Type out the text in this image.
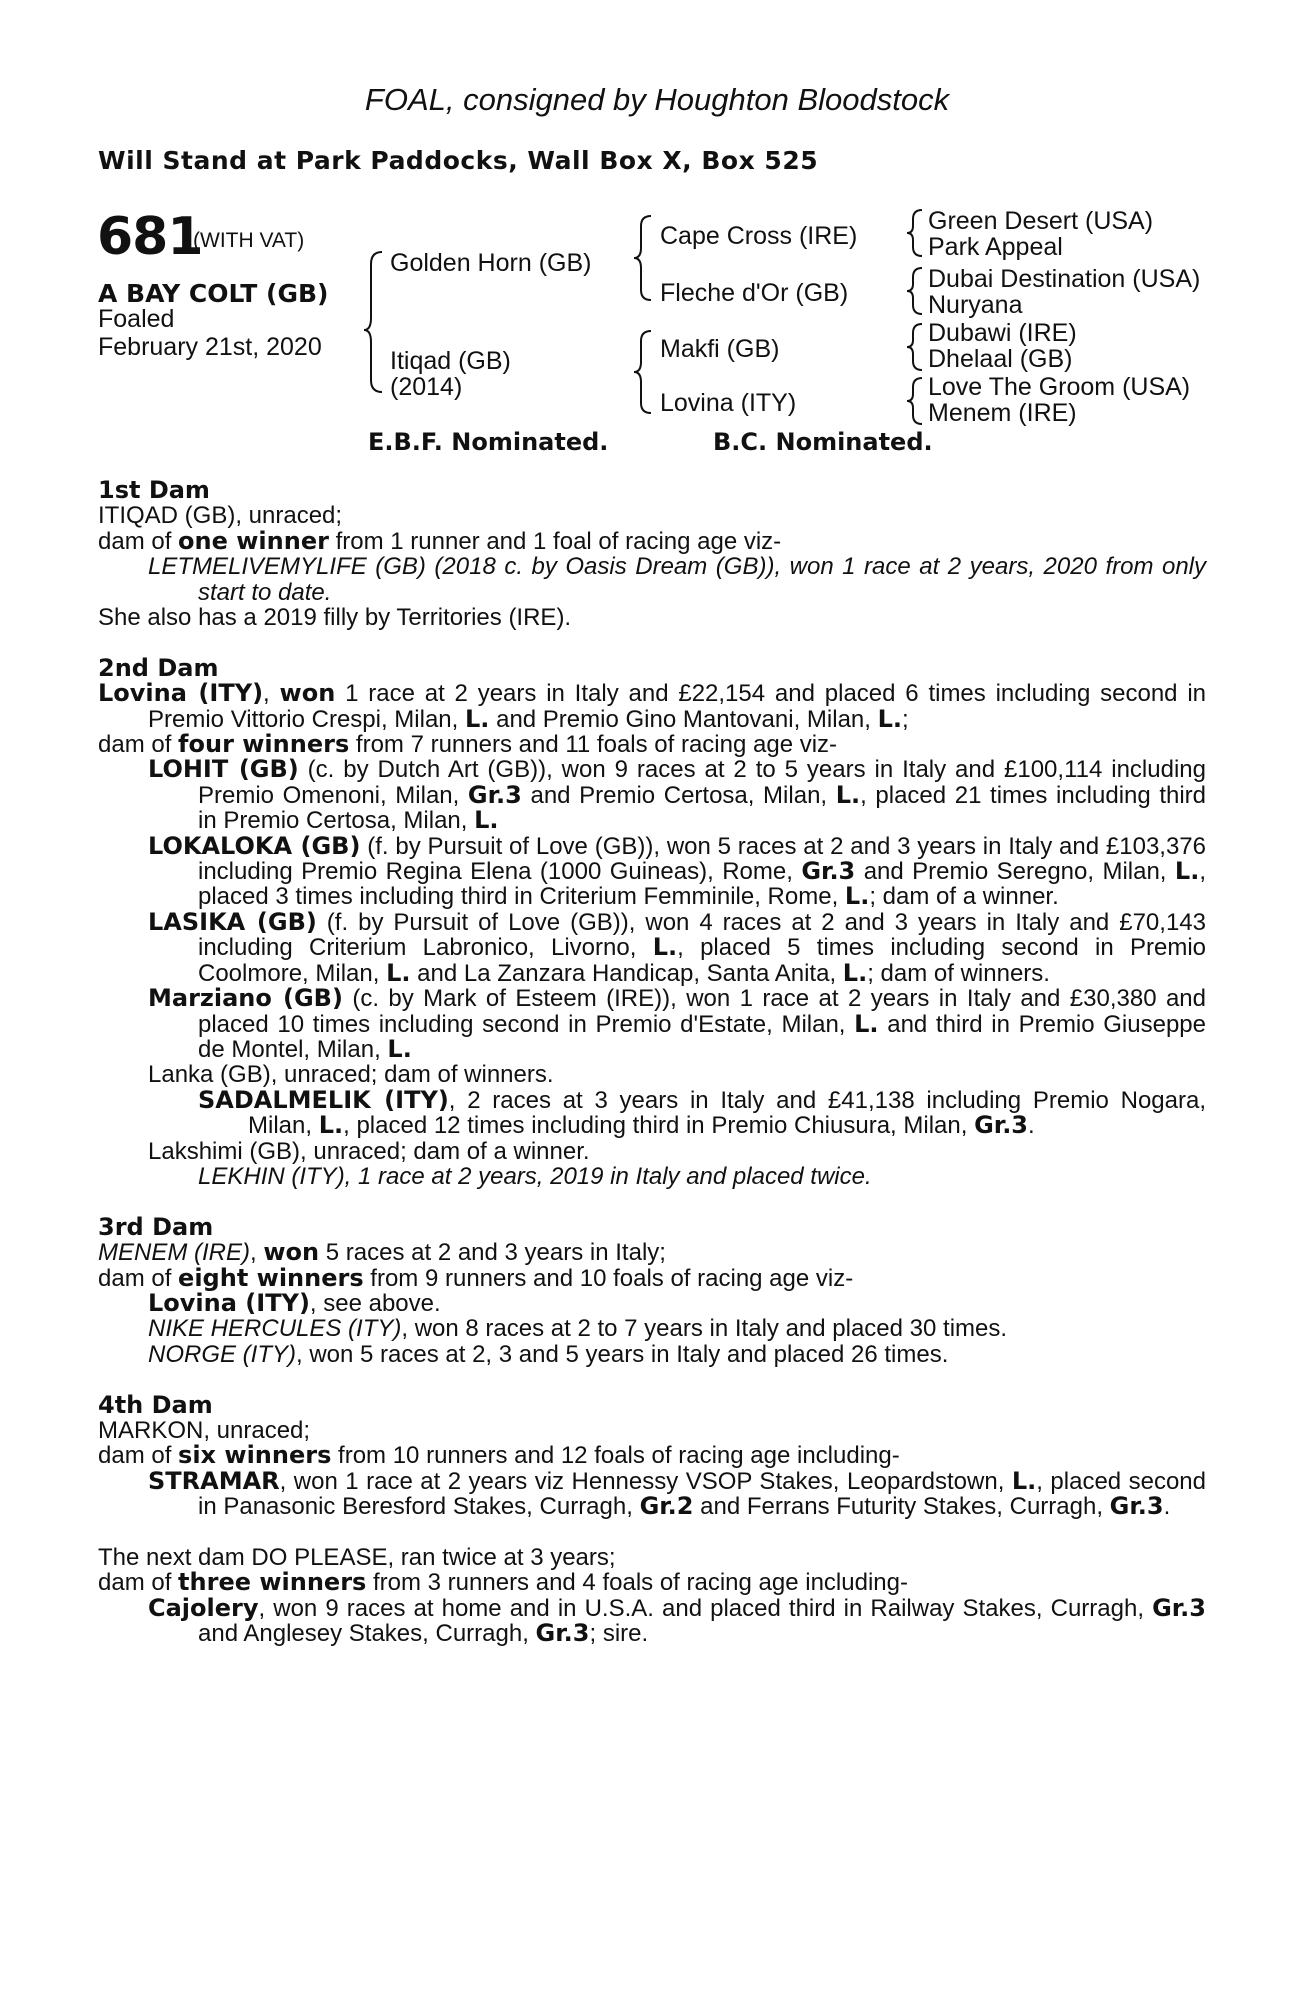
FOAL, consigned by Houghton Bloodstock
Will Stand at Park Paddocks, Wall Box X, Box 525
681
(WITH VAT)
A BAY COLT (GB)
Foaled
February 21st, 2020
Golden Horn (GB)
Itiqad (GB)
(2014)
Cape Cross (IRE)
Fleche d'Or (GB)
Makfi (GB)
Lovina (ITY)
Green Desert (USA)
Park Appeal
Dubai Destination (USA)
Nuryana
Dubawi (IRE)
Dhelaal (GB)
Love The Groom (USA)
Menem (IRE)
E.B.F. Nominated.	B.C. Nominated.

1st Dam

ITIQAD (GB), unraced;

dam of one winner from 1 runner and 1 foal of racing age viz-

LETMELIVEMYLIFE (GB) (2018 c. by Oasis Dream (GB)), won 1 race at 2 years, 2020 from only start to date.

She also has a 2019 filly by Territories (IRE).

2nd Dam

Lovina (ITY), won 1 race at 2 years in Italy and £22,154 and placed 6 times including second in Premio Vittorio Crespi, Milan, L. and Premio Gino Mantovani, Milan, L.;

dam of four winners from 7 runners and 11 foals of racing age viz-

LOHIT (GB) (c. by Dutch Art (GB)), won 9 races at 2 to 5 years in Italy and £100,114 including Premio Omenoni, Milan, Gr.3 and Premio Certosa, Milan, L., placed 21 times including third in Premio Certosa, Milan, L.

LOKALOKA (GB) (f. by Pursuit of Love (GB)), won 5 races at 2 and 3 years in Italy and £103,376 including Premio Regina Elena (1000 Guineas), Rome, Gr.3 and Premio Seregno, Milan, L., placed 3 times including third in Criterium Femminile, Rome, L.; dam of a winner.

LASIKA (GB) (f. by Pursuit of Love (GB)), won 4 races at 2 and 3 years in Italy and £70,143 including Criterium Labronico, Livorno, L., placed 5 times including second in Premio Coolmore, Milan, L. and La Zanzara Handicap, Santa Anita, L.; dam of winners.

Marziano (GB) (c. by Mark of Esteem (IRE)), won 1 race at 2 years in Italy and £30,380 and placed 10 times including second in Premio d'Estate, Milan, L. and third in Premio Giuseppe de Montel, Milan, L.

Lanka (GB), unraced; dam of winners.

SADALMELIK (ITY), 2 races at 3 years in Italy and £41,138 including Premio Nogara, Milan, L., placed 12 times including third in Premio Chiusura, Milan, Gr.3.

Lakshimi (GB), unraced; dam of a winner.

LEKHIN (ITY), 1 race at 2 years, 2019 in Italy and placed twice.

3rd Dam

MENEM (IRE), won 5 races at 2 and 3 years in Italy;

dam of eight winners from 9 runners and 10 foals of racing age viz-

Lovina (ITY), see above.

NIKE HERCULES (ITY), won 8 races at 2 to 7 years in Italy and placed 30 times.

NORGE (ITY), won 5 races at 2, 3 and 5 years in Italy and placed 26 times.

4th Dam

MARKON, unraced;

dam of six winners from 10 runners and 12 foals of racing age including-

STRAMAR, won 1 race at 2 years viz Hennessy VSOP Stakes, Leopardstown, L., placed second in Panasonic Beresford Stakes, Curragh, Gr.2 and Ferrans Futurity Stakes, Curragh, Gr.3.

The next dam DO PLEASE, ran twice at 3 years;

dam of three winners from 3 runners and 4 foals of racing age including-

Cajolery, won 9 races at home and in U.S.A. and placed third in Railway Stakes, Curragh, Gr.3 and Anglesey Stakes, Curragh, Gr.3; sire.
